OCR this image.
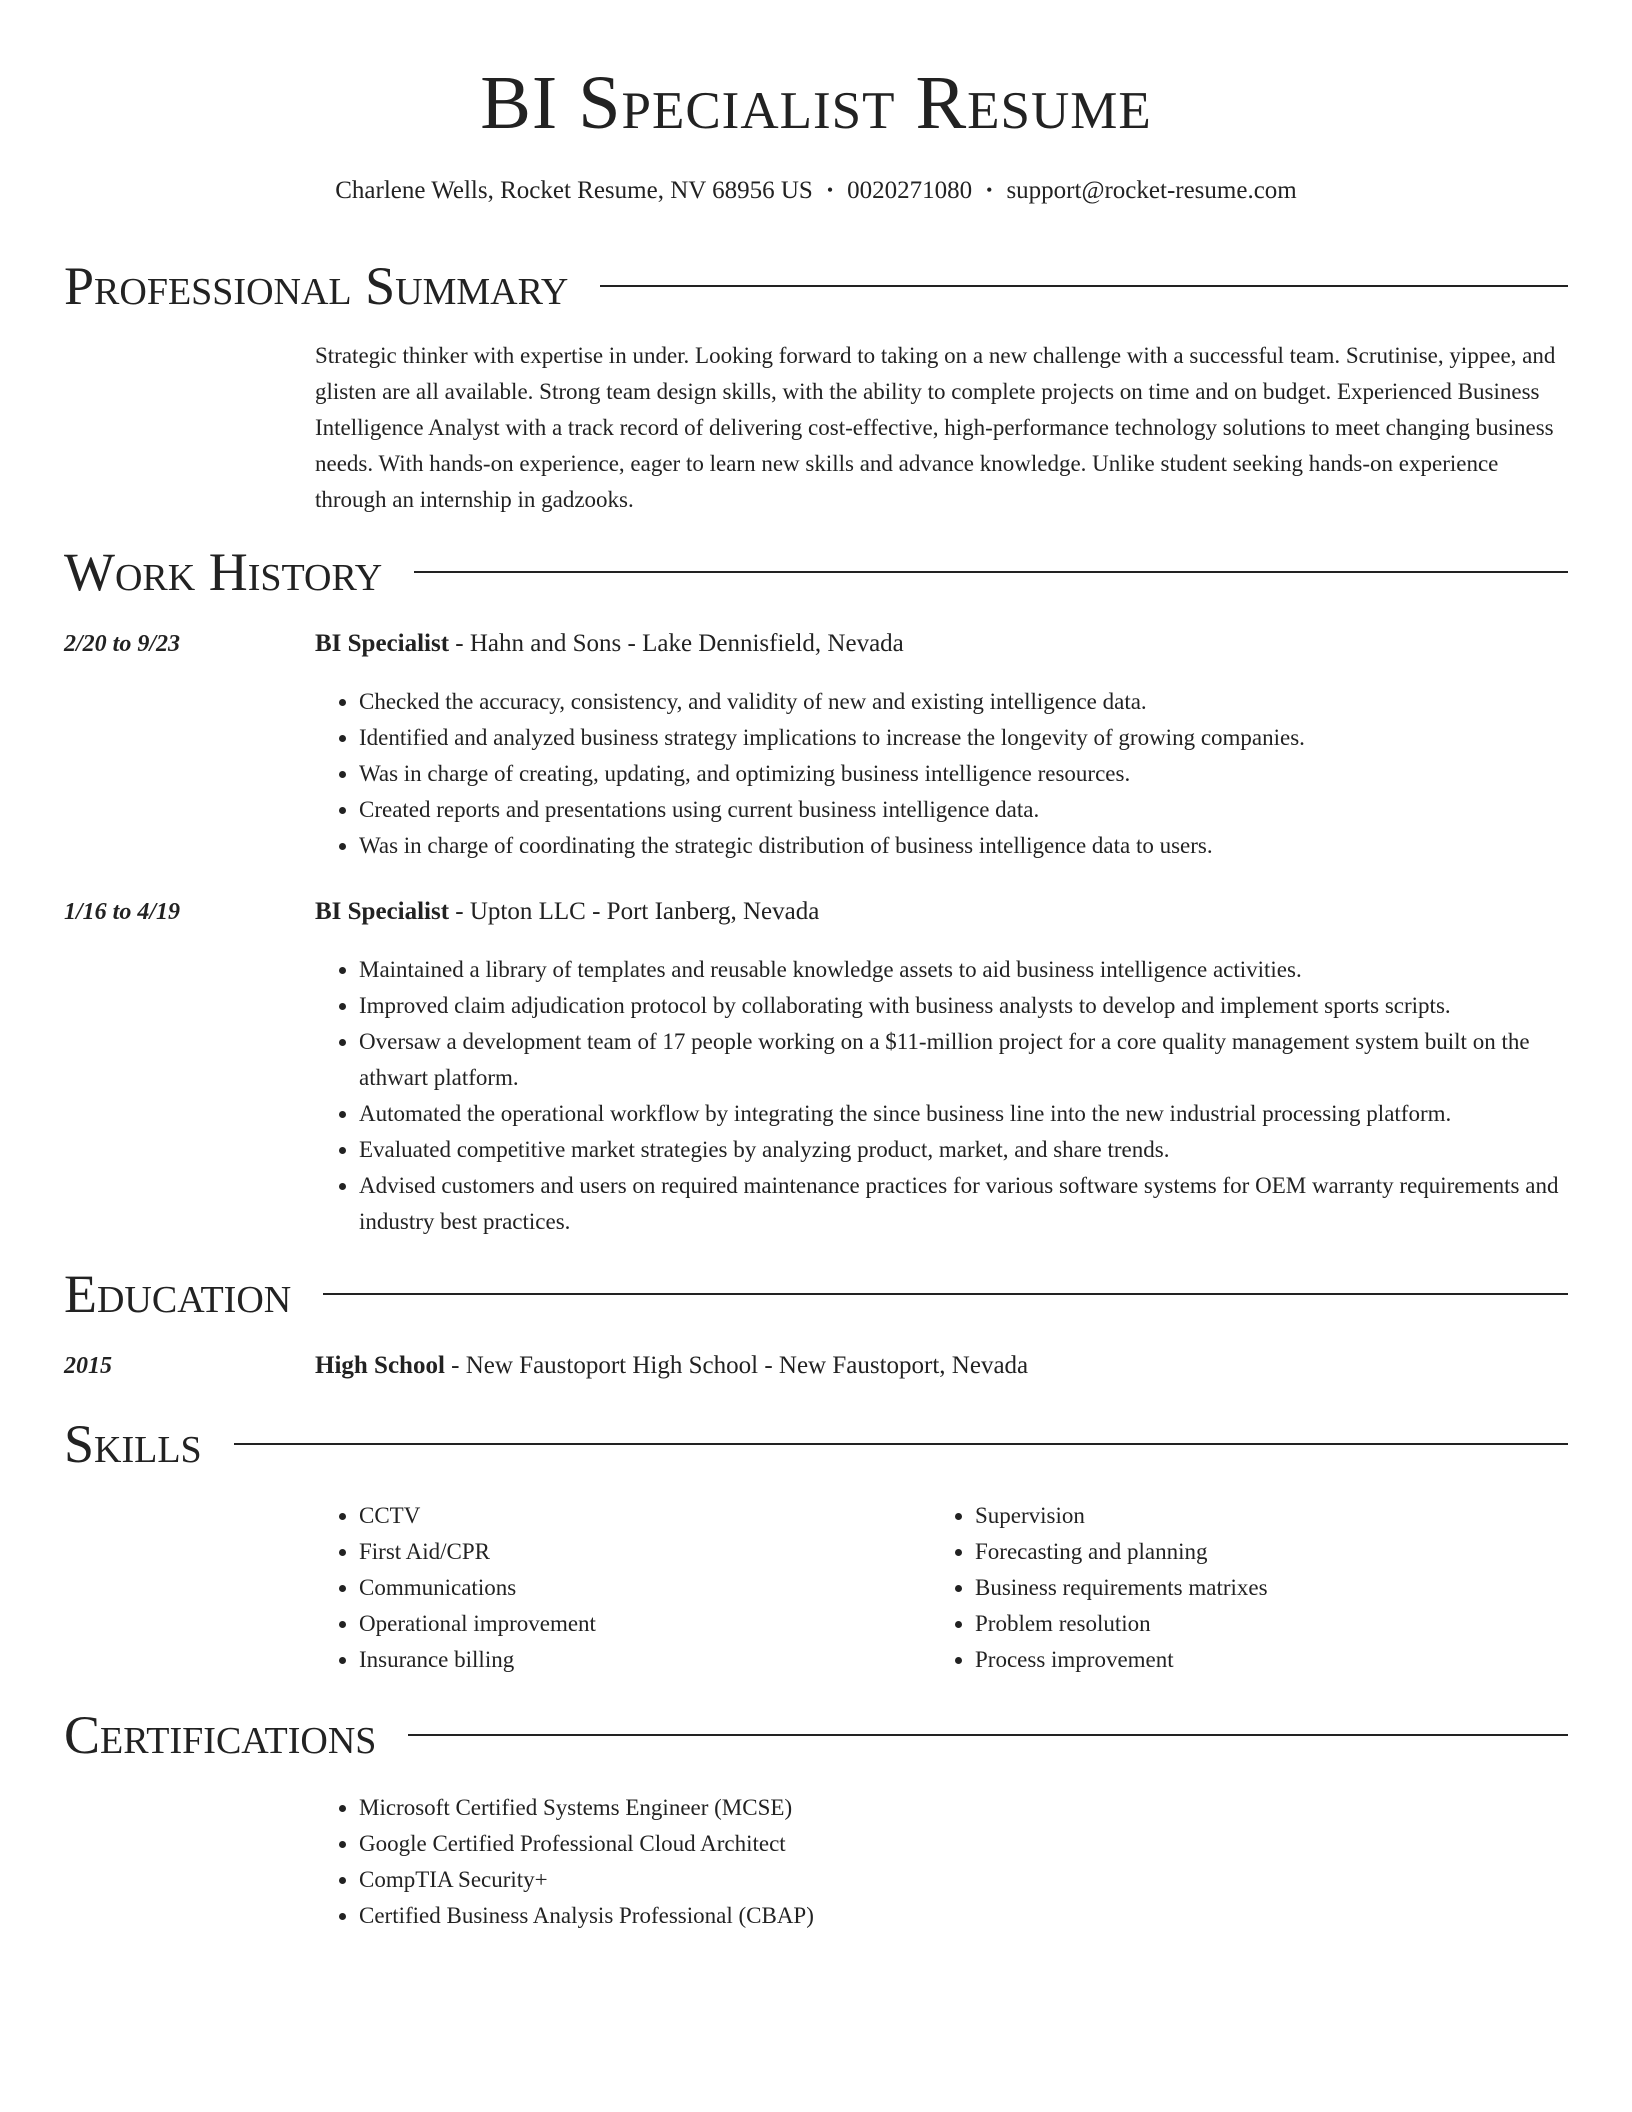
BI Specialist Resume
Charlene Wells, Rocket Resume, NV 68956 US • 0020271080 • support@rocket-resume.com
Professional Summary

Strategic thinker with expertise in under. Looking forward to taking on a new challenge with a successful team. Scrutinise, yippee, and glisten are all available. Strong team design skills, with the ability to complete projects on time and on budget. Experienced Business Intelligence Analyst with a track record of delivering cost-effective, high-performance technology solutions to meet changing business needs. With hands-on experience, eager to learn new skills and advance knowledge. Unlike student seeking hands-on experience through an internship in gadzooks.

Work History
2/20 to 9/23	BI Specialist - Hahn and Sons - Lake Dennisfield, Nevada
• Checked the accuracy, consistency, and validity of new and existing intelligence data.
• Identified and analyzed business strategy implications to increase the longevity of growing companies.
• Was in charge of creating, updating, and optimizing business intelligence resources.
• Created reports and presentations using current business intelligence data.
• Was in charge of coordinating the strategic distribution of business intelligence data to users.
1/16 to 4/19	BI Specialist - Upton LLC - Port Ianberg, Nevada
• Maintained a library of templates and reusable knowledge assets to aid business intelligence activities.
• Improved claim adjudication protocol by collaborating with business analysts to develop and implement sports scripts.
• Oversaw a development team of 17 people working on a $11-million project for a core quality management system built on the athwart platform.
• Automated the operational workflow by integrating the since business line into the new industrial processing platform.
• Evaluated competitive market strategies by analyzing product, market, and share trends.
• Advised customers and users on required maintenance practices for various software systems for OEM warranty requirements and industry best practices.
Education
2015	High School - New Faustoport High School - New Faustoport, Nevada
Skills
• CCTV
• First Aid/CPR
• Communications
• Operational improvement
• Insurance billing
• Supervision
• Forecasting and planning
• Business requirements matrixes
• Problem resolution
• Process improvement
Certifications
• Microsoft Certified Systems Engineer (MCSE)
• Google Certified Professional Cloud Architect
• CompTIA Security+
• Certified Business Analysis Professional (CBAP)
